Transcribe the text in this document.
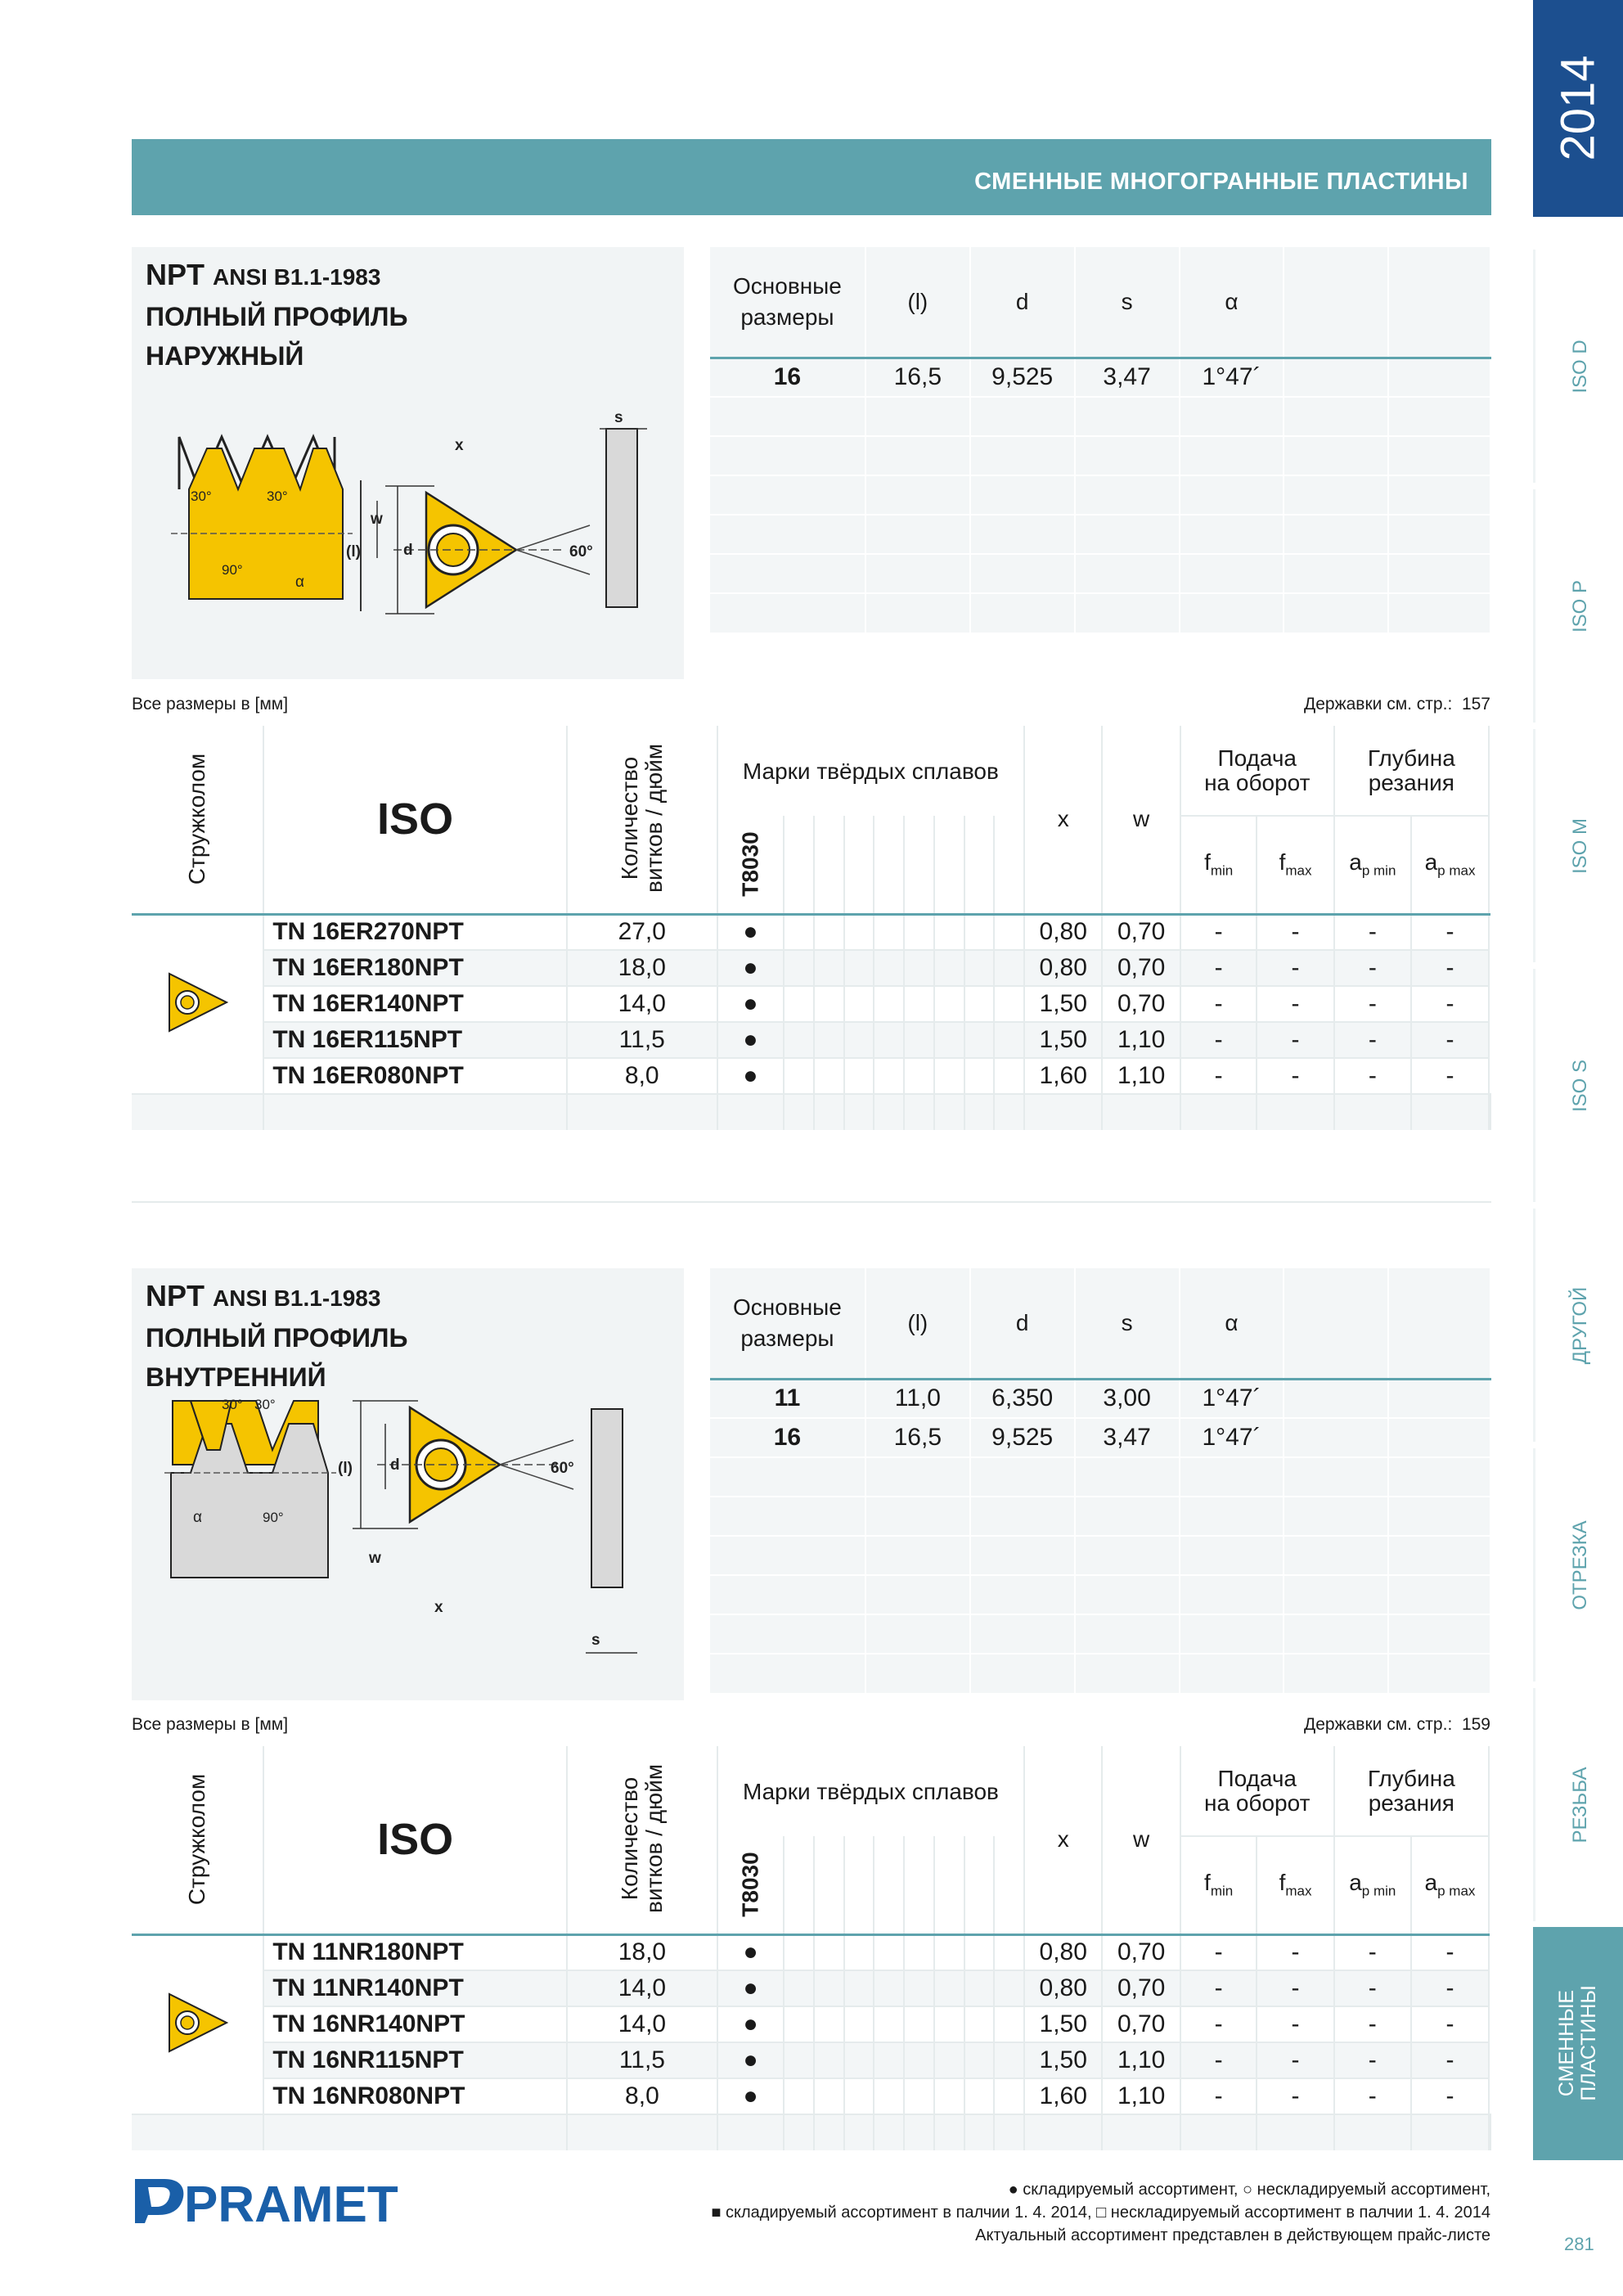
СМЕННЫЕ МНОГОГРАННЫЕ ПЛАСТИНЫ
2014
ISO D
ISO P
ISO M
ISO S
ДРУГОЙ
ОТРЕЗКА
РЕЗЬБА
СМЕННЫЕ ПЛАСТИНЫ
281
30°	30°
90°
α
w
x
(l)	d	60°
s
NPT ANSI B1.1-1983
ПОЛНЫЙ ПРОФИЛЬ
НАРУЖНЫЙ
Основные
размеры	(l)	d	s	α		
16	16,5	9,525	3,47	1°47´		

Все размеры в [мм]	Державки см. стр.: 157
Стружколом	ISO	Количество
витков / дюйм	Марки твёрдых сплавов									x	w	Подача
на оборот		Глубина
резания		
			T8030											$f_{min}$	$f_{max}$	$a_{p min}$	$a_{p max}$
	TN 16ER270NPT	27,0	●									0,80	0,70	-	-	-	-	
	TN 16ER180NPT	18,0	●									0,80	0,70	-	-	-	-	
	TN 16ER140NPT	14,0	●									1,50	0,70	-	-	-	-	
	TN 16ER115NPT	11,5	●									1,50	1,10	-	-	-	-	
	TN 16ER080NPT	8,0	●									1,60	1,10	-	-	-	-	

30° 30°
90°
α
w
x
(l) d	60°
s
NPT ANSI B1.1-1983
ПОЛНЫЙ ПРОФИЛЬ
ВНУТРЕННИЙ
Основные
размеры	(l)	d	s	α		
11	11,0	6,350	3,00	1°47´		
16	16,5	9,525	3,47	1°47´		

Все размеры в [мм]	Державки см. стр.: 159
Стружколом	ISO	Количество
витков / дюйм	Марки твёрдых сплавов									x	w	Подача
на оборот		Глубина
резания		
			T8030											$f_{min}$	$f_{max}$	$a_{p min}$	$a_{p max}$
	TN 11NR180NPT	18,0	●									0,80	0,70	-	-	-	-	
	TN 11NR140NPT	14,0	●									0,80	0,70	-	-	-	-	
	TN 16NR140NPT	14,0	●									1,50	0,70	-	-	-	-	
	TN 16NR115NPT	11,5	●									1,50	1,10	-	-	-	-	
	TN 16NR080NPT	8,0	●									1,60	1,10	-	-	-	-	

PRAMET	● складируемый ассортимент, ○ нескладируемый ассортимент,
■ складируемый ассортимент в палчии 1. 4. 2014, □ нескладируемый ассортимент в палчии 1. 4. 2014
Актуальный ассортимент представлен в действующем прайс-листе
